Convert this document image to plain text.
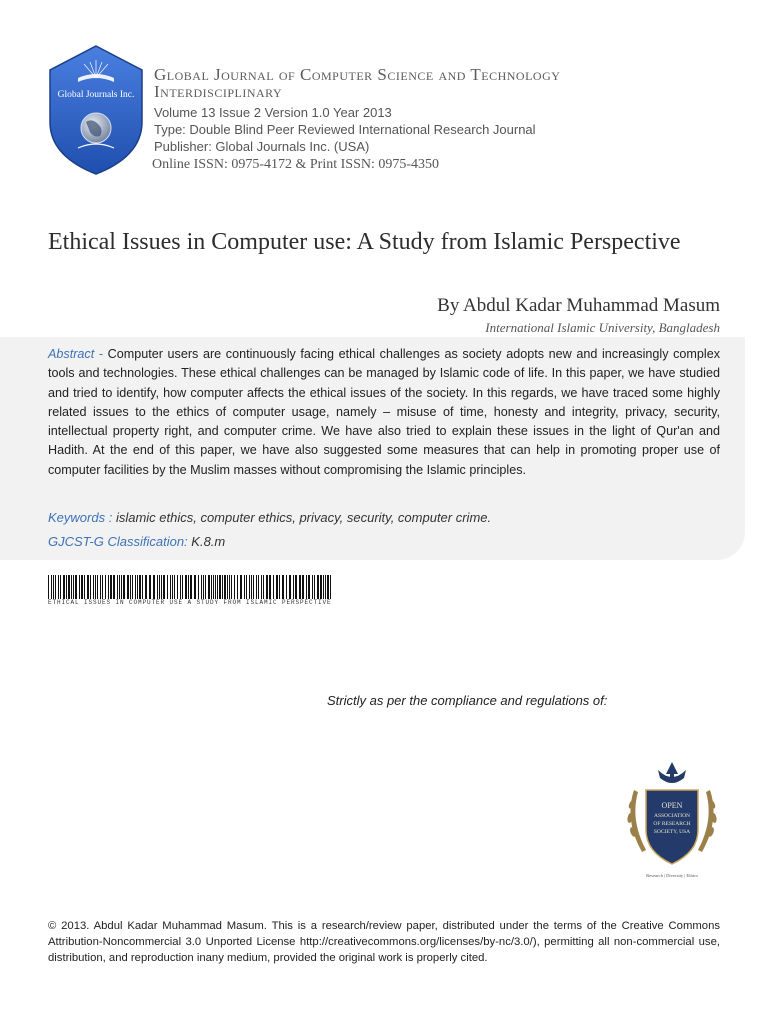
Global Journals Inc.
Global Journal of Computer Science and Technology
Interdisciplinary
Volume 13 Issue 2 Version 1.0 Year 2013
Type: Double Blind Peer Reviewed International Research Journal
Publisher: Global Journals Inc. (USA)
Online ISSN: 0975-4172 & Print ISSN: 0975-4350
Ethical Issues in Computer use: A Study from Islamic Perspective
By Abdul Kadar Muhammad Masum
International Islamic University, Bangladesh
Abstract - Computer users are continuously facing ethical challenges as society adopts new and increasingly complex tools and technologies. These ethical challenges can be managed by Islamic code of life. In this paper, we have studied and tried to identify, how computer affects the ethical issues of the society. In this regards, we have traced some highly related issues to the ethics of computer usage, namely – misuse of time, honesty and integrity, privacy, security, intellectual property right, and computer crime. We have also tried to explain these issues in the light of Qur'an and Hadith. At the end of this paper, we have also suggested some measures that can help in promoting proper use of computer facilities by the Muslim masses without compromising the Islamic principles.
Keywords : islamic ethics, computer ethics, privacy, security, computer crime.
GJCST-G Classification: K.8.m
ETHICAL ISSUES IN COMPUTER USE A STUDY FROM ISLAMIC PERSPECTIVE
Strictly as per the compliance and regulations of:
OPEN
ASSOCIATION
OF RESEARCH
SOCIETY, USA
Research | Diversity | Ethics
© 2013. Abdul Kadar Muhammad Masum. This is a research/review paper, distributed under the terms of the Creative Commons Attribution-Noncommercial 3.0 Unported License http://creativecommons.org/licenses/by-nc/3.0/), permitting all non-commercial use, distribution, and reproduction inany medium, provided the original work is properly cited.
